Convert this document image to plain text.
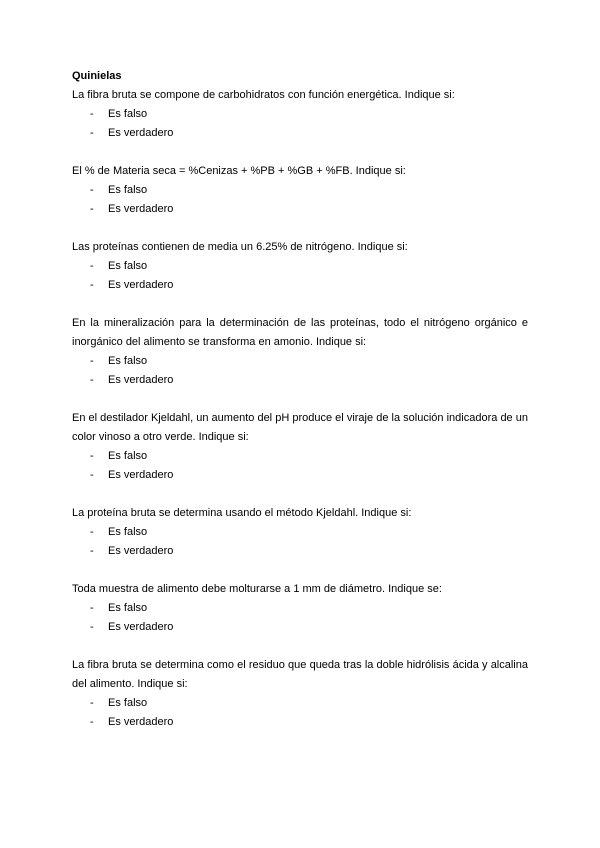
Quinielas

La fibra bruta se compone de carbohidratos con función energética. Indique si:

- Es falso
- Es verdadero

El % de Materia seca = %Cenizas + %PB + %GB + %FB. Indique si:

- Es falso
- Es verdadero

Las proteínas contienen de media un 6.25% de nitrógeno. Indique si:

- Es falso
- Es verdadero

En la mineralización para la determinación de las proteínas, todo el nitrógeno orgánico e inorgánico del alimento se transforma en amonio. Indique si:

- Es falso
- Es verdadero

En el destilador Kjeldahl, un aumento del pH produce el viraje de la solución indicadora de un color vinoso a otro verde. Indique si:

- Es falso
- Es verdadero

La proteína bruta se determina usando el método Kjeldahl. Indique si:

- Es falso
- Es verdadero

Toda muestra de alimento debe molturarse a 1 mm de diámetro. Indique se:

- Es falso
- Es verdadero

La fibra bruta se determina como el residuo que queda tras la doble hidrólisis ácida y alcalina del alimento. Indique si:

- Es falso
- Es verdadero
